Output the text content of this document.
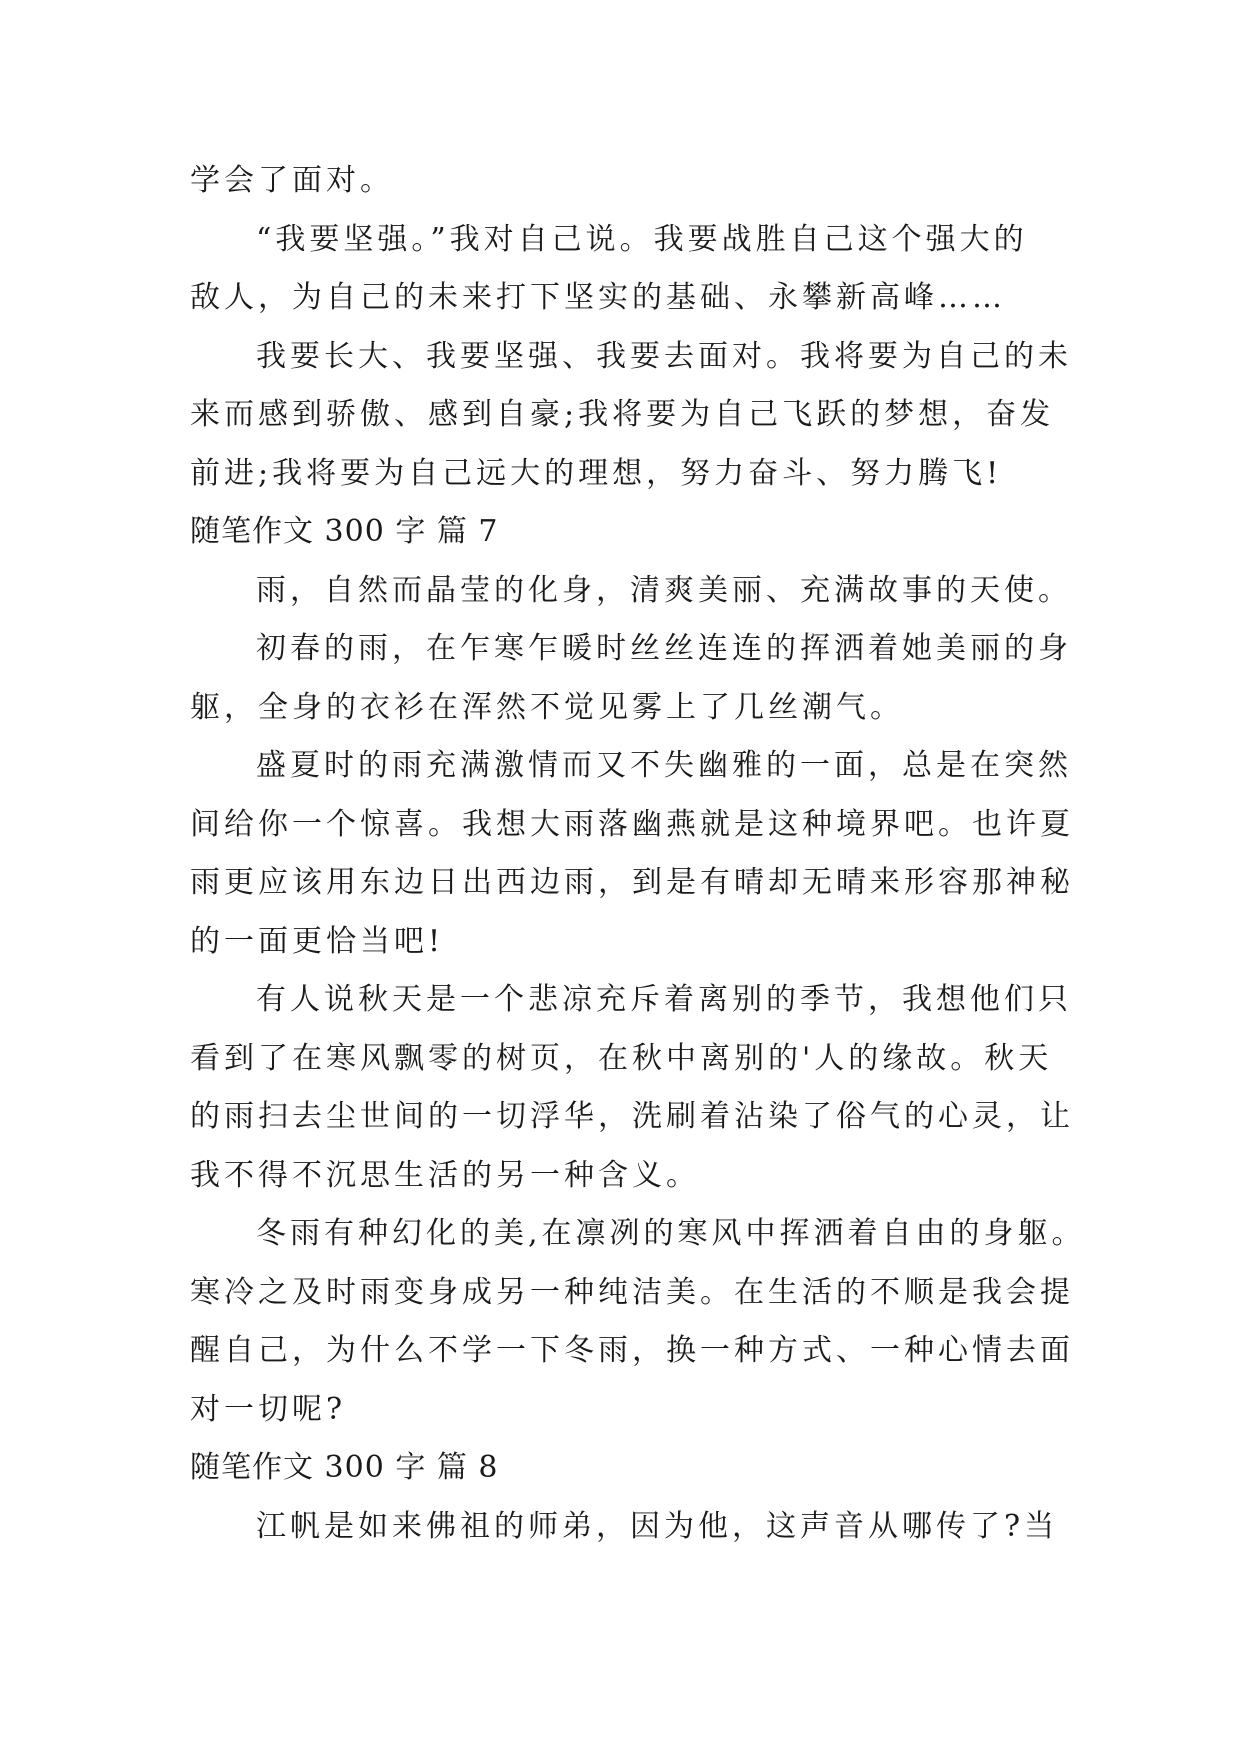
学会了面对。
“我要坚强。”我对自己说。我要战胜自己这个强大的
敌人，为自己的未来打下坚实的基础、永攀新高峰……
我要长大、我要坚强、我要去面对。我将要为自己的未
来而感到骄傲、感到自豪;我将要为自己飞跃的梦想，奋发
前进;我将要为自己远大的理想，努力奋斗、努力腾飞!
随笔作文 300 字 篇 7
雨，自然而晶莹的化身，清爽美丽、充满故事的天使。
初春的雨，在乍寒乍暖时丝丝连连的挥洒着她美丽的身
躯，全身的衣衫在浑然不觉见雾上了几丝潮气。
盛夏时的雨充满激情而又不失幽雅的一面，总是在突然
间给你一个惊喜。我想大雨落幽燕就是这种境界吧。也许夏
雨更应该用东边日出西边雨，到是有晴却无晴来形容那神秘
的一面更恰当吧!
有人说秋天是一个悲凉充斥着离别的季节，我想他们只
看到了在寒风飘零的树页，在秋中离别的'人的缘故。秋天
的雨扫去尘世间的一切浮华，洗刷着沾染了俗气的心灵，让
我不得不沉思生活的另一种含义。
冬雨有种幻化的美,在凛冽的寒风中挥洒着自由的身躯。
寒冷之及时雨变身成另一种纯洁美。在生活的不顺是我会提
醒自己，为什么不学一下冬雨，换一种方式、一种心情去面
对一切呢?
随笔作文 300 字 篇 8
江帆是如来佛祖的师弟，因为他，这声音从哪传了?当
